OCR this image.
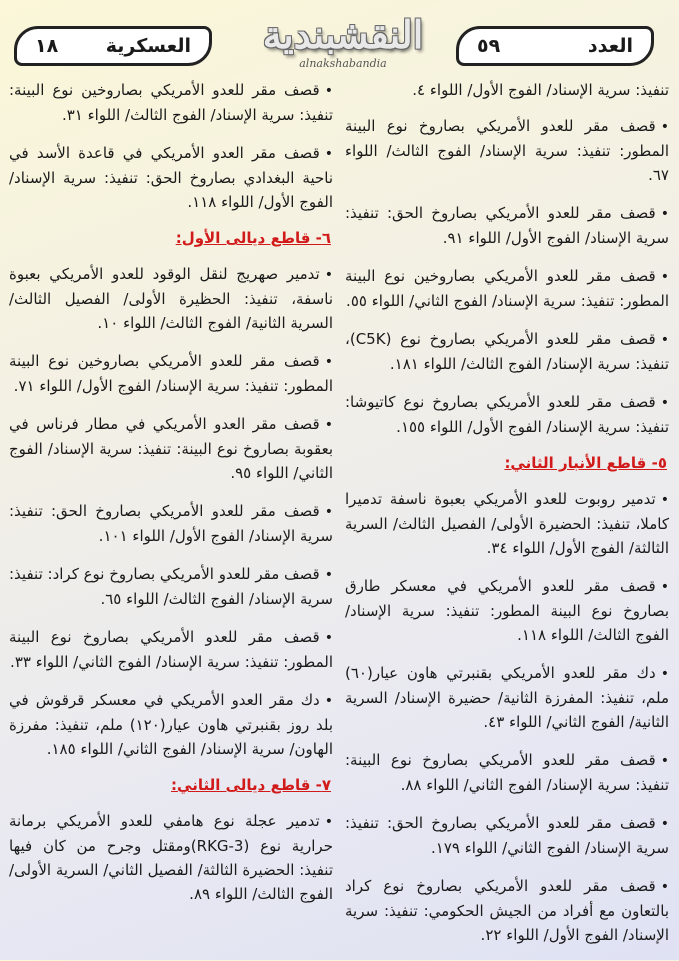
١٨	العسكرية	النقشبندية
alnakshabandia
٥٩	العدد
تنفيذ: سرية الإسناد/ الفوج الأول/ اللواء ٤.
•قصف مقر للعدو الأمريكي بصاروخ نوع البينة المطور: تنفيذ: سرية الإسناد/ الفوج الثالث/ اللواء ٦٧.
•قصف مقر للعدو الأمريكي بصاروخ الحق: تنفيذ: سرية الإسناد/ الفوج الأول/ اللواء ٩١.
•قصف مقر للعدو الأمريكي بصاروخين نوع البينة المطور: تنفيذ: سرية الإسناد/ الفوج الثاني/ اللواء ٥٥.
•قصف مقر للعدو الأمريكي بصاروخ نوع (C5K)، تنفيذ: سرية الإسناد/ الفوج الثالث/ اللواء ١٨١.
•قصف مقر للعدو الأمريكي بصاروخ نوع كاتيوشا: تنفيذ: سرية الإسناد/ الفوج الأول/ اللواء ١٥٥.
٥- قاطع الأنبار الثاني:
•تدمير روبوت للعدو الأمريكي بعبوة ناسفة تدميرا كاملا، تنفيذ: الحضيرة الأولى/ الفصيل الثالث/ السرية الثالثة/ الفوج الأول/ اللواء ٣٤.
•قصف مقر للعدو الأمريكي في معسكر طارق بصاروخ نوع البينة المطور: تنفيذ: سرية الإسناد/ الفوج الثالث/ اللواء ١١٨.
•دك مقر للعدو الأمريكي بقنبرتي هاون عيار(٦٠) ملم، تنفيذ: المفرزة الثانية/ حضيرة الإسناد/ السرية الثانية/ الفوج الثاني/ اللواء ٤٣.
•قصف مقر للعدو الأمريكي بصاروخ نوع البينة: تنفيذ: سرية الإسناد/ الفوج الثاني/ اللواء ٨٨.
•قصف مقر للعدو الأمريكي بصاروخ الحق: تنفيذ: سرية الإسناد/ الفوج الثاني/ اللواء ١٧٩.
•قصف مقر للعدو الأمريكي بصاروخ نوع كراد بالتعاون مع أفراد من الجيش الحكومي: تنفيذ: سرية الإسناد/ الفوج الأول/ اللواء ٢٢.
•قصف مقر للعدو الأمريكي بصاروخين نوع البينة: تنفيذ: سرية الإسناد/ الفوج الثالث/ اللواء ٣١.
•قصف مقر العدو الأمريكي في قاعدة الأسد في ناحية البغدادي بصاروخ الحق: تنفيذ: سرية الإسناد/ الفوج الأول/ اللواء ١١٨.
٦- قاطع ديالى الأول:
•تدمير صهريج لنقل الوقود للعدو الأمريكي بعبوة ناسفة، تنفيذ: الحظيرة الأولى/ الفصيل الثالث/ السرية الثانية/ الفوج الثالث/ اللواء ١٠.
•قصف مقر للعدو الأمريكي بصاروخين نوع البينة المطور: تنفيذ: سرية الإسناد/ الفوج الأول/ اللواء ٧١.
•قصف مقر العدو الأمريكي في مطار فرناس في بعقوبة بصاروخ نوع البينة: تنفيذ: سرية الإسناد/ الفوج الثاني/ اللواء ٩٥.
•قصف مقر للعدو الأمريكي بصاروخ الحق: تنفيذ: سرية الإسناد/ الفوج الأول/ اللواء ١٠١.
•قصف مقر للعدو الأمريكي بصاروخ نوع كراد: تنفيذ: سرية الإسناد/ الفوج الثالث/ اللواء ٦٥.
•قصف مقر للعدو الأمريكي بصاروخ نوع البينة المطور: تنفيذ: سرية الإسناد/ الفوج الثاني/ اللواء ٣٣.
•دك مقر العدو الأمريكي في معسكر قرقوش في بلد روز بقنبرتي هاون عيار(١٢٠) ملم، تنفيذ: مفرزة الهاون/ سرية الإسناد/ الفوج الثاني/ اللواء ١٨٥.
٧- قاطع ديالى الثاني:
•تدمير عجلة نوع هامفي للعدو الأمريكي برمانة حرارية نوع (RKG-3)ومقتل وجرح من كان فيها تنفيذ: الحضيرة الثالثة/ الفصيل الثاني/ السرية الأولى/ الفوج الثالث/ اللواء ٨٩.
